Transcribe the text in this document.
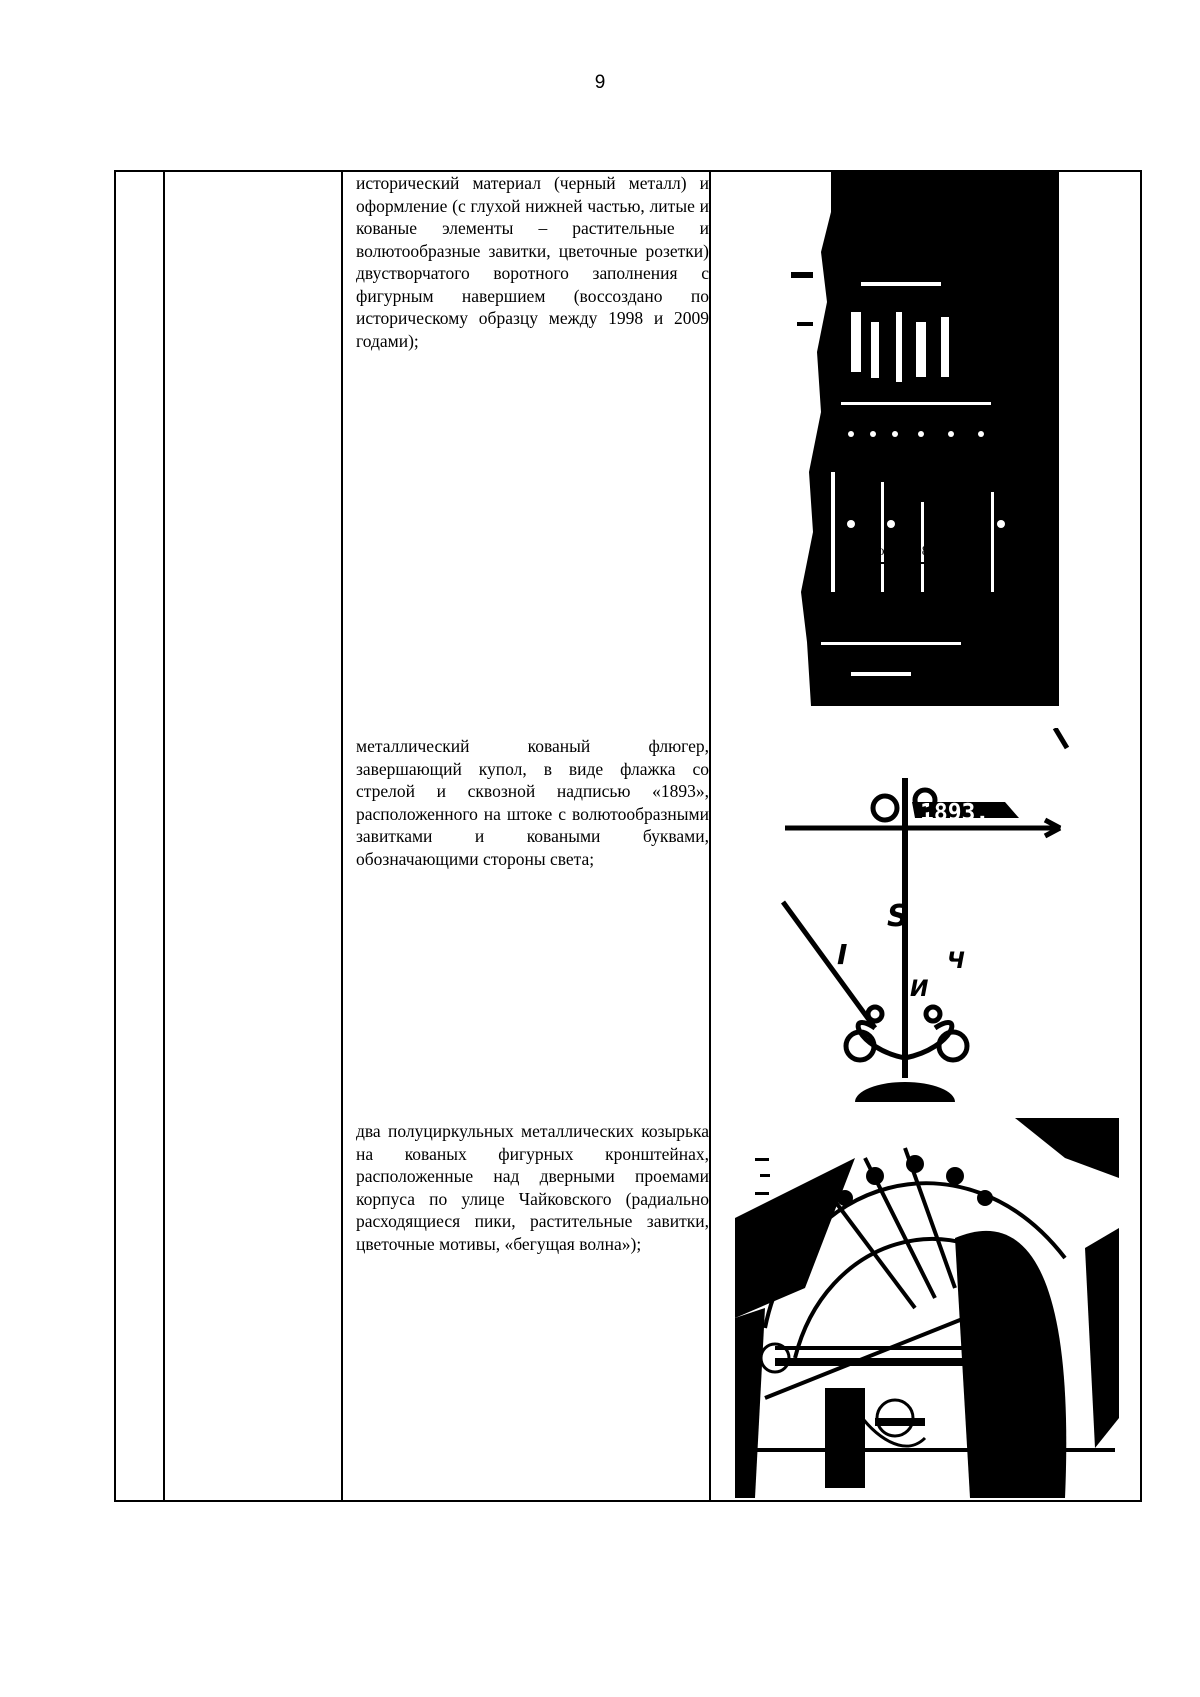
9
исторический материал (черный металл) и оформление (с глухой нижней частью, литые и кованые элементы – растительные и волютообразные завитки, цветочные розетки) двустворчатого воротного заполнения с фигурным навершием (воссоздано по историческому образцу между 1998 и 2009 годами);
фото 1998 года
металлический кованый флюгер, завершающий купол, в виде флажка со стрелой и сквозной надписью «1893», расположенного на штоке с волютообразными завитками и коваными буквами, обозначающими стороны света;
1893.
S
I	Ч
И
два полуциркульных металлических козырька на кованых фигурных кронштейнах, расположенные над дверными проемами корпуса по улице Чайковского (радиально расходящиеся пики, растительные завитки, цветочные мотивы, «бегущая волна»);
